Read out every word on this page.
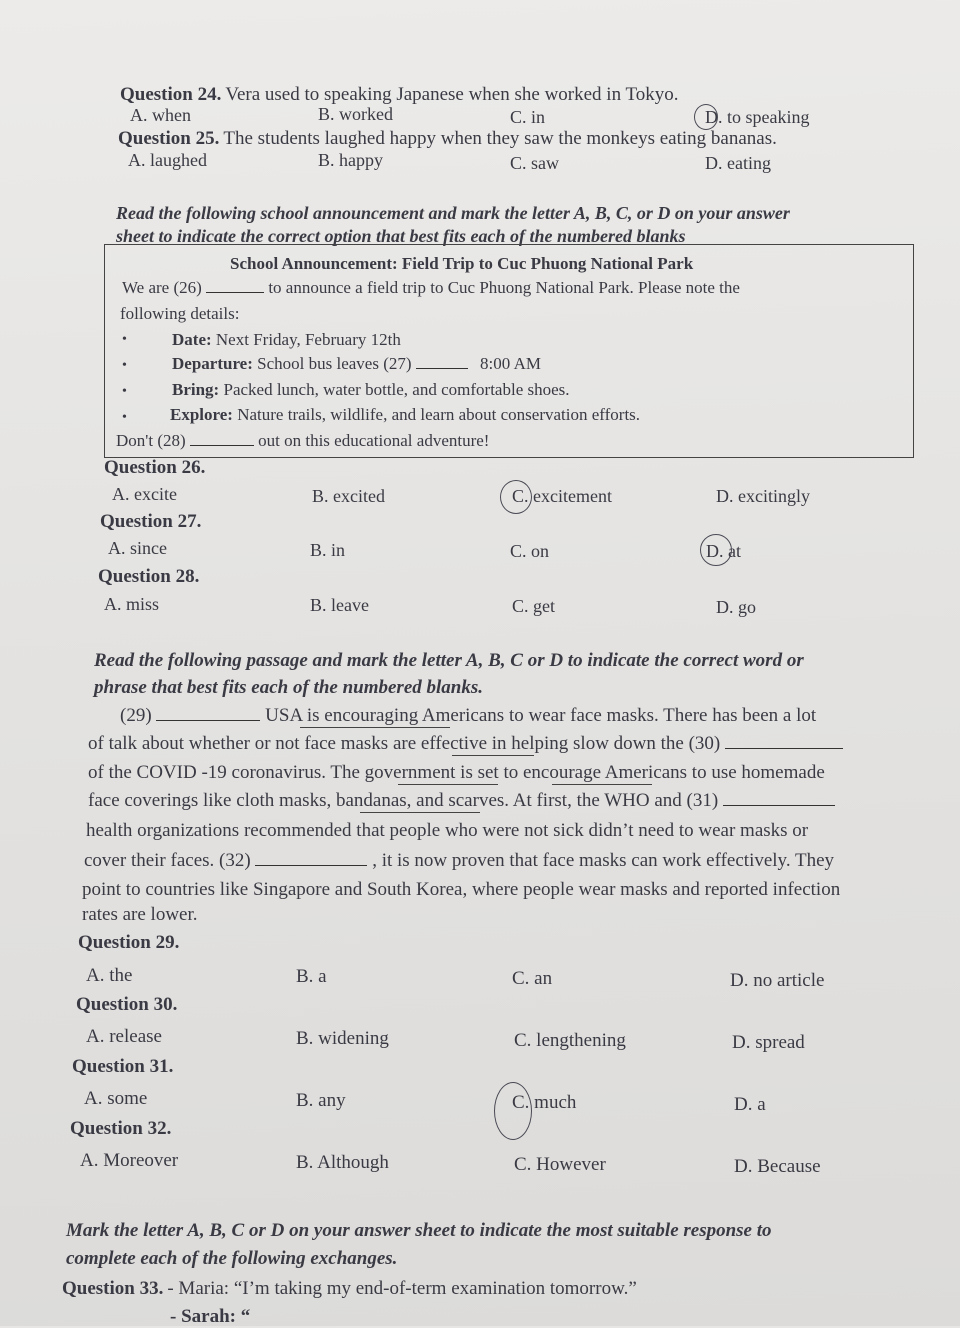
Question 24. Vera used to speaking Japanese when she worked in Tokyo.
A. when	B. worked	C. in	D. to speaking
Question 25. The students laughed happy when they saw the monkeys eating bananas.
A. laughed	B. happy	C. saw	D. eating
Read the following school announcement and mark the letter A, B, C, or D on your answer
sheet to indicate the correct option that best fits each of the numbered blanks
School Announcement: Field Trip to Cuc Phuong National Park
We are (26)	to announce a field trip to Cuc Phuong National Park. Please note the
following details:
•	Date: Next Friday, February 12th
•	Departure: School bus leaves (27)	8:00 AM
•	Bring: Packed lunch, water bottle, and comfortable shoes.
•	Explore: Nature trails, wildlife, and learn about conservation efforts.
Don't (28)	out on this educational adventure!
Question 26.
A. excite	B. excited	C. excitement	D. excitingly
Question 27.
A. since	B. in	C. on	D. at
Question 28.
A. miss	B. leave	C. get	D. go
Read the following passage and mark the letter A, B, C or D to indicate the correct word or
phrase that best fits each of the numbered blanks.
(29)	USA is encouraging Americans to wear face masks. There has been a lot
of talk about whether or not face masks are effective in helping slow down the (30)
of the COVID -19 coronavirus. The government is set to encourage Americans to use homemade
face coverings like cloth masks, bandanas, and scarves. At first, the WHO and (31)
health organizations recommended that people who were not sick didn’t need to wear masks or
cover their faces. (32)	, it is now proven that face masks can work effectively. They
point to countries like Singapore and South Korea, where people wear masks and reported infection
rates are lower.
Question 29.
A. the	B. a	C. an	D. no article
Question 30.
A. release	B. widening	C. lengthening	D. spread
Question 31.
A. some	B. any	C. much	D. a
Question 32.
A. Moreover	B. Although	C. However	D. Because
Mark the letter A, B, C or D on your answer sheet to indicate the most suitable response to
complete each of the following exchanges.
Question 33. - Maria: “I’m taking my end-of-term examination tomorrow.”
- Sarah: “
